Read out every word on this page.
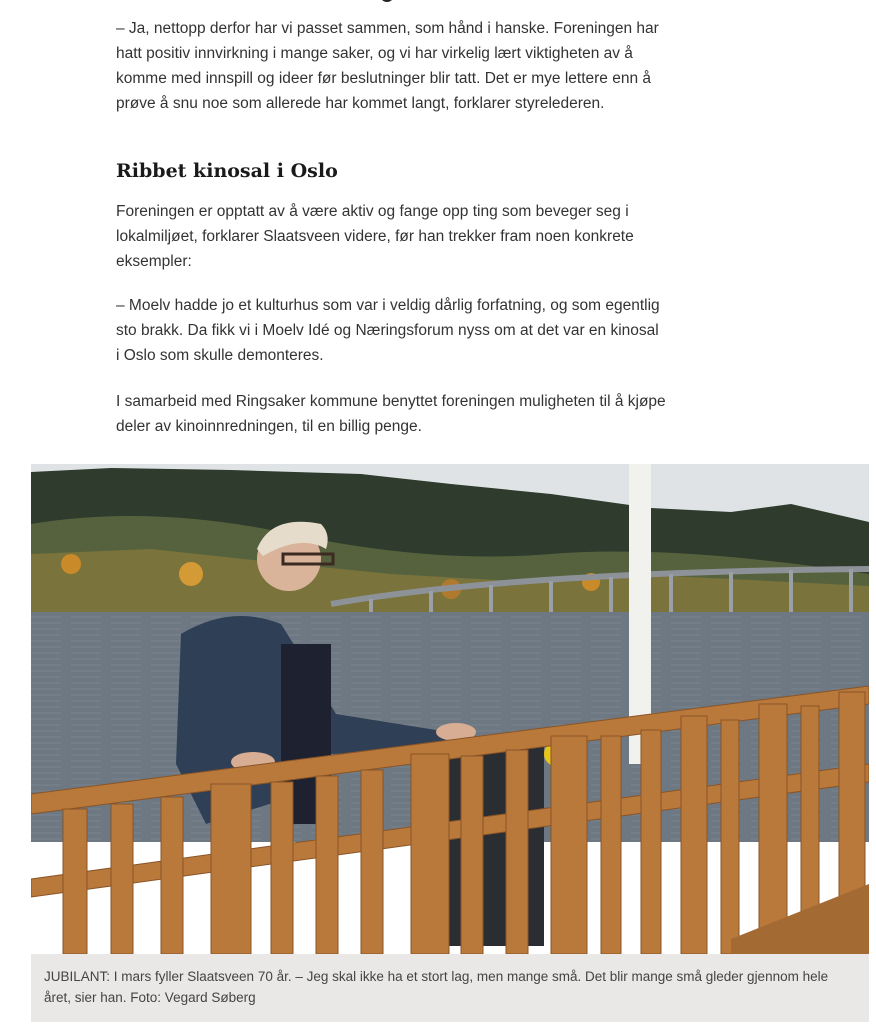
– Ja, nettopp derfor har vi passet sammen, som hånd i hanske. Foreningen har hatt positiv innvirkning i mange saker, og vi har virkelig lært viktigheten av å komme med innspill og ideer før beslutninger blir tatt. Det er mye lettere enn å prøve å snu noe som allerede har kommet langt, forklarer styrelederen.

Ribbet kinosal i Oslo

Foreningen er opptatt av å være aktiv og fange opp ting som beveger seg i lokalmiljøet, forklarer Slaatsveen videre, før han trekker fram noen konkrete eksempler:

– Moelv hadde jo et kulturhus som var i veldig dårlig forfatning, og som egentlig sto brakk. Da fikk vi i Moelv Idé og Næringsforum nyss om at det var en kinosal i Oslo som skulle demonteres.

I samarbeid med Ringsaker kommune benyttet foreningen muligheten til å kjøpe deler av kinoinnredningen, til en billig penge.

JUBILANT: I mars fyller Slaatsveen 70 år. – Jeg skal ikke ha et stort lag, men mange små. Det blir mange små gleder gjennom hele året, sier han. Foto: Vegard Søberg
